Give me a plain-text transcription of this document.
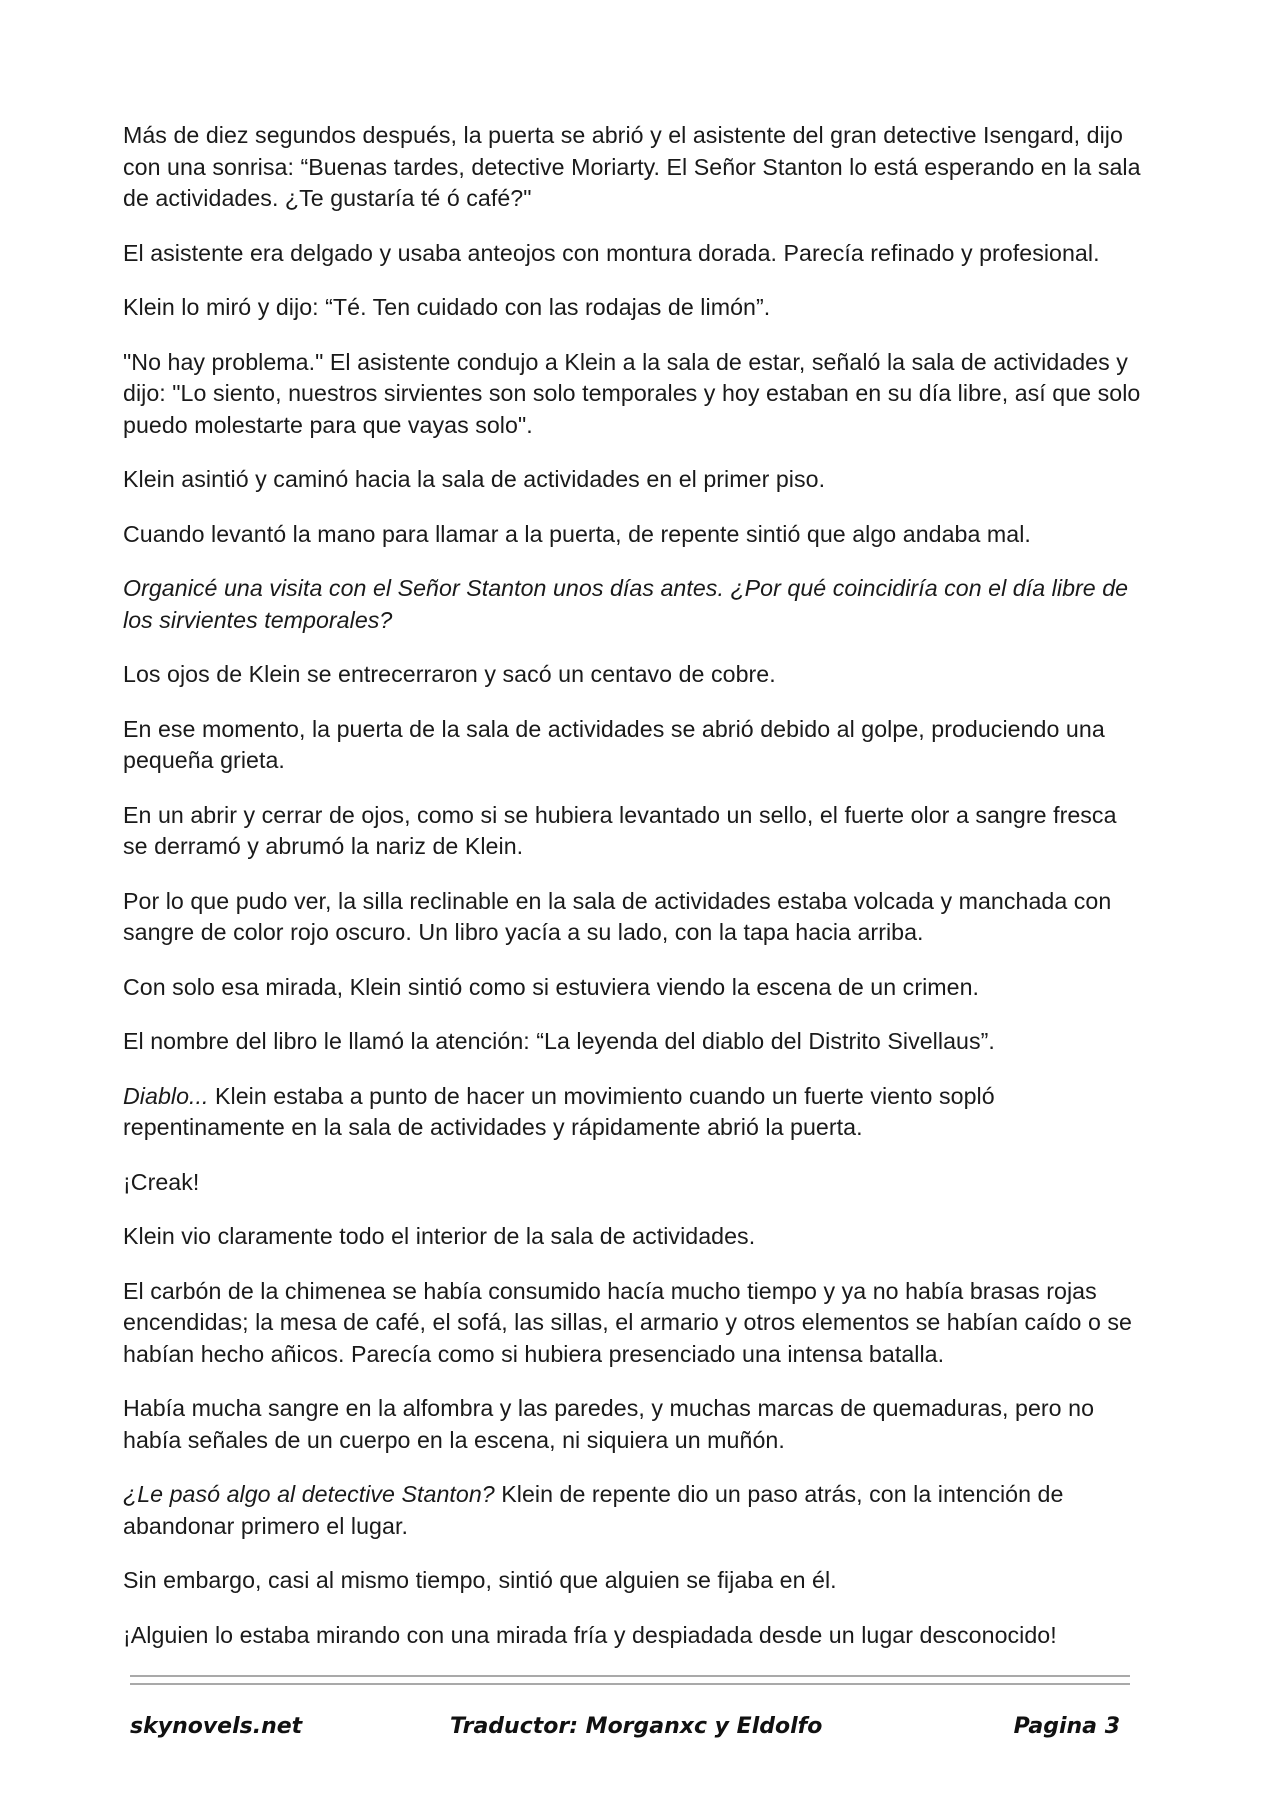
Más de diez segundos después, la puerta se abrió y el asistente del gran detective Isengard, dijo con una sonrisa: “Buenas tardes, detective Moriarty. El Señor Stanton lo está esperando en la sala de actividades. ¿Te gustaría té ó café?"

El asistente era delgado y usaba anteojos con montura dorada. Parecía refinado y profesional.

Klein lo miró y dijo: “Té. Ten cuidado con las rodajas de limón”.

"No hay problema." El asistente condujo a Klein a la sala de estar, señaló la sala de actividades y dijo: "Lo siento, nuestros sirvientes son solo temporales y hoy estaban en su día libre, así que solo puedo molestarte para que vayas solo".

Klein asintió y caminó hacia la sala de actividades en el primer piso.

Cuando levantó la mano para llamar a la puerta, de repente sintió que algo andaba mal.

Organicé una visita con el Señor Stanton unos días antes. ¿Por qué coincidiría con el día libre de los sirvientes temporales?

Los ojos de Klein se entrecerraron y sacó un centavo de cobre.

En ese momento, la puerta de la sala de actividades se abrió debido al golpe, produciendo una pequeña grieta.

En un abrir y cerrar de ojos, como si se hubiera levantado un sello, el fuerte olor a sangre fresca se derramó y abrumó la nariz de Klein.

Por lo que pudo ver, la silla reclinable en la sala de actividades estaba volcada y manchada con sangre de color rojo oscuro. Un libro yacía a su lado, con la tapa hacia arriba.

Con solo esa mirada, Klein sintió como si estuviera viendo la escena de un crimen.

El nombre del libro le llamó la atención: “La leyenda del diablo del Distrito Sivellaus”.

Diablo... Klein estaba a punto de hacer un movimiento cuando un fuerte viento sopló repentinamente en la sala de actividades y rápidamente abrió la puerta.

¡Creak!

Klein vio claramente todo el interior de la sala de actividades.

El carbón de la chimenea se había consumido hacía mucho tiempo y ya no había brasas rojas encendidas; la mesa de café, el sofá, las sillas, el armario y otros elementos se habían caído o se habían hecho añicos. Parecía como si hubiera presenciado una intensa batalla.

Había mucha sangre en la alfombra y las paredes, y muchas marcas de quemaduras, pero no había señales de un cuerpo en la escena, ni siquiera un muñón.

¿Le pasó algo al detective Stanton? Klein de repente dio un paso atrás, con la intención de abandonar primero el lugar.

Sin embargo, casi al mismo tiempo, sintió que alguien se fijaba en él.

¡Alguien lo estaba mirando con una mirada fría y despiadada desde un lugar desconocido!

skynovels.net	Traductor: Morganxc y Eldolfo	Pagina 3
